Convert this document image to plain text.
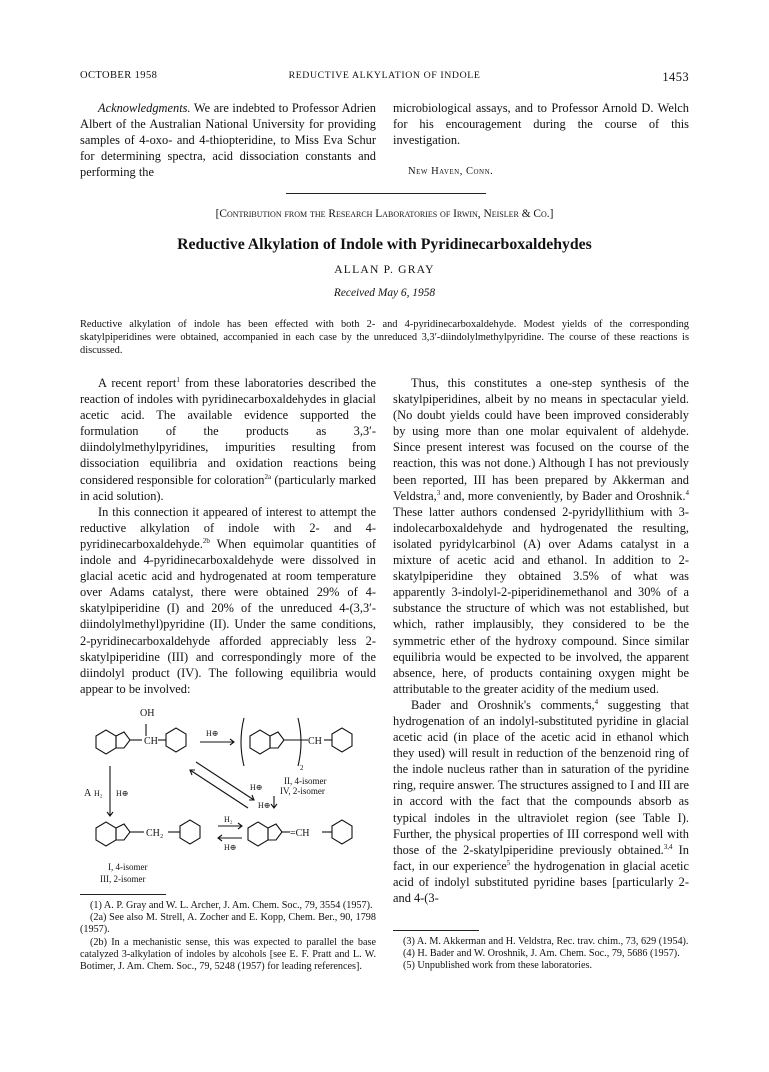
OCTOBER 1958	REDUCTIVE ALKYLATION OF INDOLE	1453

Acknowledgments. We are indebted to Professor Adrien Albert of the Australian National University for providing samples of 4-oxo- and 4-thiopteridine, to Miss Eva Schur for determining spectra, acid dissociation constants and performing the

microbiological assays, and to Professor Arnold D. Welch for his encouragement during the course of this investigation.

New Haven, Conn.
[Contribution from the Research Laboratories of Irwin, Neisler & Co.]
Reductive Alkylation of Indole with Pyridinecarboxaldehydes
ALLAN P. GRAY
Received May 6, 1958
Reductive alkylation of indole has been effected with both 2- and 4-pyridinecarboxaldehyde. Modest yields of the corresponding skatylpiperidines were obtained, accompanied in each case by the unreduced 3,3′-diindolylmethylpyridine. The course of these reactions is discussed.

A recent report$^1$ from these laboratories described the reaction of indoles with pyridinecarboxaldehydes in glacial acetic acid. The available evidence supported the formulation of the products as 3,3′-diindolylmethylpyridines, impurities resulting from dissociation equilibria and oxidation reactions being considered responsible for coloration$^{2a}$ (particularly marked in acid solution).

In this connection it appeared of interest to attempt the reductive alkylation of indole with 2- and 4-pyridinecarboxaldehyde.$^{2b}$ When equimolar quantities of indole and 4-pyridinecarboxaldehyde were dissolved in glacial acetic acid and hydrogenated at room temperature over Adams catalyst, there were obtained 29% of 4-skatylpiperidine (I) and 20% of the unreduced 4-(3,3′-diindolylmethyl)pyridine (II). Under the same conditions, 2-pyridinecarboxaldehyde afforded appreciably less 2-skatylpiperidine (III) and correspondingly more of the diindolyl product (IV). The following equilibria would appear to be involved:

OH
CH
H⊕
CH
2
A H₂ H⊕
II, 4-isomer
IV, 2-isomer
H⊕
H⊕
CH₂
H₂
H⊕
=CH
I, 4-isomer
III, 2-isomer

(1) A. P. Gray and W. L. Archer, J. Am. Chem. Soc., 79, 3554 (1957).

(2a) See also M. Strell, A. Zocher and E. Kopp, Chem. Ber., 90, 1798 (1957).

(2b) In a mechanistic sense, this was expected to parallel the base catalyzed 3-alkylation of indoles by alcohols [see E. F. Pratt and L. W. Botimer, J. Am. Chem. Soc., 79, 5248 (1957) for leading references].

Thus, this constitutes a one-step synthesis of the skatylpiperidines, albeit by no means in spectacular yield. (No doubt yields could have been improved considerably by using more than one molar equivalent of aldehyde. Since present interest was focused on the course of the reaction, this was not done.) Although I has not previously been reported, III has been prepared by Akkerman and Veldstra,$^3$ and, more conveniently, by Bader and Oroshnik.$^4$ These latter authors condensed 2-pyridyllithium with 3-indolecarboxaldehyde and hydrogenated the resulting, isolated pyridylcarbinol (A) over Adams catalyst in a mixture of acetic acid and ethanol. In addition to 2-skatylpiperidine they obtained 3.5% of what was apparently 3-indolyl-2-piperidinemethanol and 30% of a substance the structure of which was not established, but which, rather implausibly, they considered to be the symmetric ether of the hydroxy compound. Since similar equilibria would be expected to be involved, the apparent absence, here, of products containing oxygen might be attributable to the greater acidity of the medium used.

Bader and Oroshnik's comments,$^4$ suggesting that hydrogenation of an indolyl-substituted pyridine in glacial acetic acid (in place of the acetic acid in ethanol which they used) will result in reduction of the benzenoid ring of the indole nucleus rather than in saturation of the pyridine ring, require answer. The structures assigned to I and III are in accord with the fact that the compounds absorb as typical indoles in the ultraviolet region (see Table I). Further, the physical properties of III correspond well with those of the 2-skatylpiperidine previously obtained.$^{3,4}$ In fact, in our experience$^5$ the hydrogenation in glacial acetic acid of indolyl substituted pyridine bases [particularly 2- and 4-(3-

(3) A. M. Akkerman and H. Veldstra, Rec. trav. chim., 73, 629 (1954).

(4) H. Bader and W. Oroshnik, J. Am. Chem. Soc., 79, 5686 (1957).

(5) Unpublished work from these laboratories.
